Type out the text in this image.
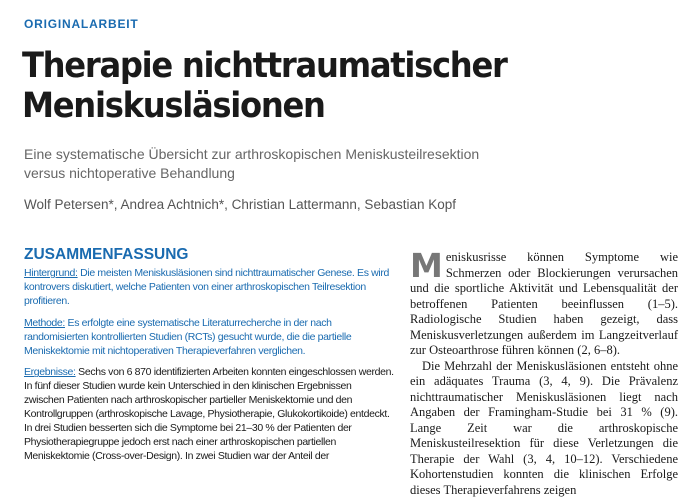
ORIGINALARBEIT
Therapie nichttraumatischer
Meniskusläsionen
Eine systematische Übersicht zur arthroskopischen Meniskusteilresektion
versus nichtoperative Behandlung
Wolf Petersen*, Andrea Achtnich*, Christian Lattermann, Sebastian Kopf
ZUSAMMENFASSUNG

Hintergrund: Die meisten Meniskusläsionen sind nichttraumatischer Genese. Es wird kontrovers diskutiert, welche Patienten von einer arthroskopischen Teilresektion profitieren.

Methode: Es erfolgte eine systematische Literaturrecherche in der nach randomisierten kontrollierten Studien (RCTs) gesucht wurde, die die partielle Meniskektomie mit nichtoperativen Therapieverfahren verglichen.

Ergebnisse: Sechs von 6 870 identifizierten Arbeiten konnten eingeschlossen werden. In fünf dieser Studien wurde kein Unterschied in den klinischen Ergebnissen zwischen Patienten nach arthroskopischer partieller Meniskektomie und den Kontrollgruppen (arthroskopische Lavage, Physiotherapie, Glukokortikoide) entdeckt. In drei Studien besserten sich die Symptome bei 21–30 % der Patienten der Physiotherapiegruppe jedoch erst nach einer arthroskopischen partiellen Meniskektomie (Cross-over-Design). In zwei Studien war der Anteil der

Meniskusrisse können Symptome wie Schmerzen oder Blockierungen verursachen und die sportliche Aktivität und Lebensqualität der betroffenen Patienten beeinflussen (1–5). Radiologische Studien haben gezeigt, dass Meniskusverletzungen außerdem im Langzeitverlauf zur Osteoarthrose führen können (2, 6–8).

Die Mehrzahl der Meniskusläsionen entsteht ohne ein adäquates Trauma (3, 4, 9). Die Prävalenz nichttraumatischer Meniskusläsionen liegt nach Angaben der Framingham-Studie bei 31 % (9). Lange Zeit war die arthroskopische Meniskusteilresektion für diese Verletzungen die Therapie der Wahl (3, 4, 10–12). Verschiedene Kohortenstudien konnten die klinischen Erfolge dieses Therapieverfahrens zeigen
